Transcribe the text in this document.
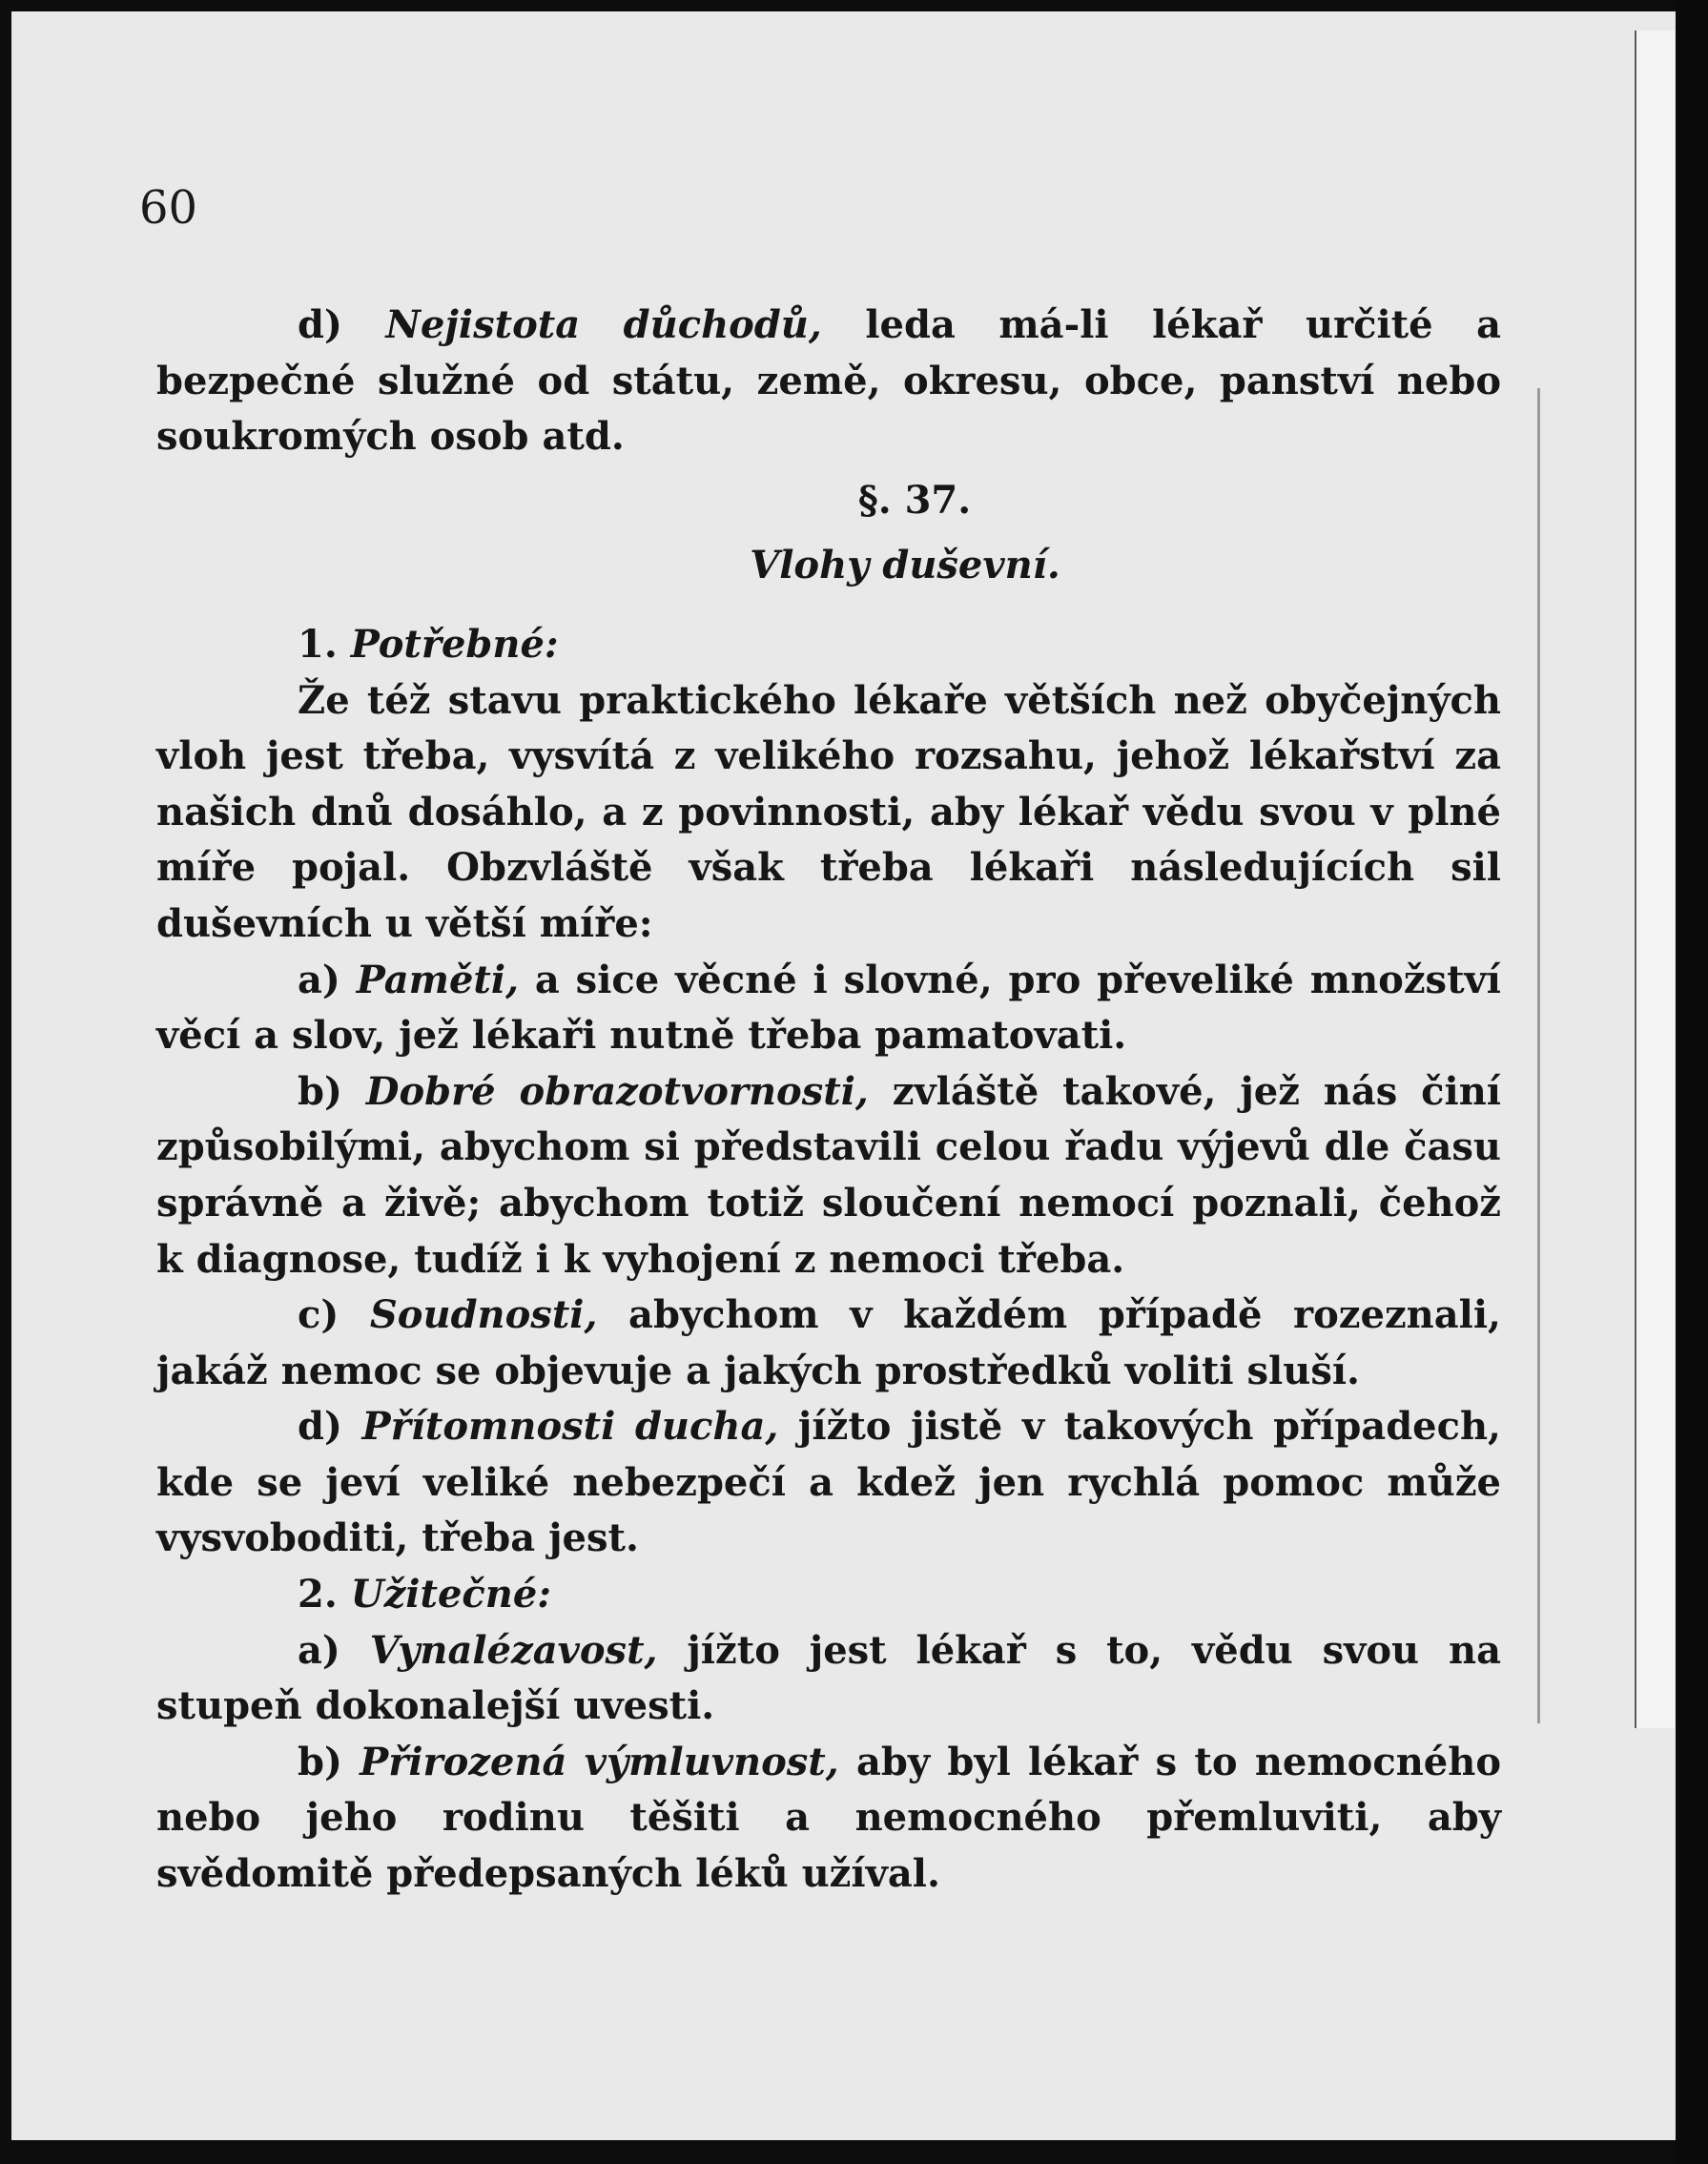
60

d) Nejistota důchodů, leda má-li lékař určité a bezpečné služné od státu, země, okresu, obce, panství nebo soukromých osob atd.

§. 37.

Vlohy duševní.

1. Potřebné:

Že též stavu praktického lékaře větších než obyčejných vloh jest třeba, vysvítá z velikého rozsahu, jehož lékařství za našich dnů dosáhlo, a z povinnosti, aby lékař vědu svou v plné míře pojal. Obzvláště však třeba lékaři následujících sil duševních u větší míře:

a) Paměti, a sice věcné i slovné, pro převeliké množství věcí a slov, jež lékaři nutně třeba pamatovati.

b) Dobré obrazotvornosti, zvláště takové, jež nás činí způsobilými, abychom si představili celou řadu výjevů dle času správně a živě; abychom totiž sloučení nemocí poznali, čehož k diagnose, tudíž i k vyhojení z nemoci třeba.

c) Soudnosti, abychom v každém případě rozeznali, jakáž nemoc se objevuje a jakých prostředků voliti sluší.

d) Přítomnosti ducha, jížto jistě v takových případech, kde se jeví veliké nebezpečí a kdež jen rychlá pomoc může vysvoboditi, třeba jest.

2. Užitečné:

a) Vynalézavost, jížto jest lékař s to, vědu svou na stupeň dokonalejší uvesti.

b) Přirozená výmluvnost, aby byl lékař s to nemocného nebo jeho rodinu těšiti a nemocného přemluviti, aby svědomitě předepsaných léků užíval.
